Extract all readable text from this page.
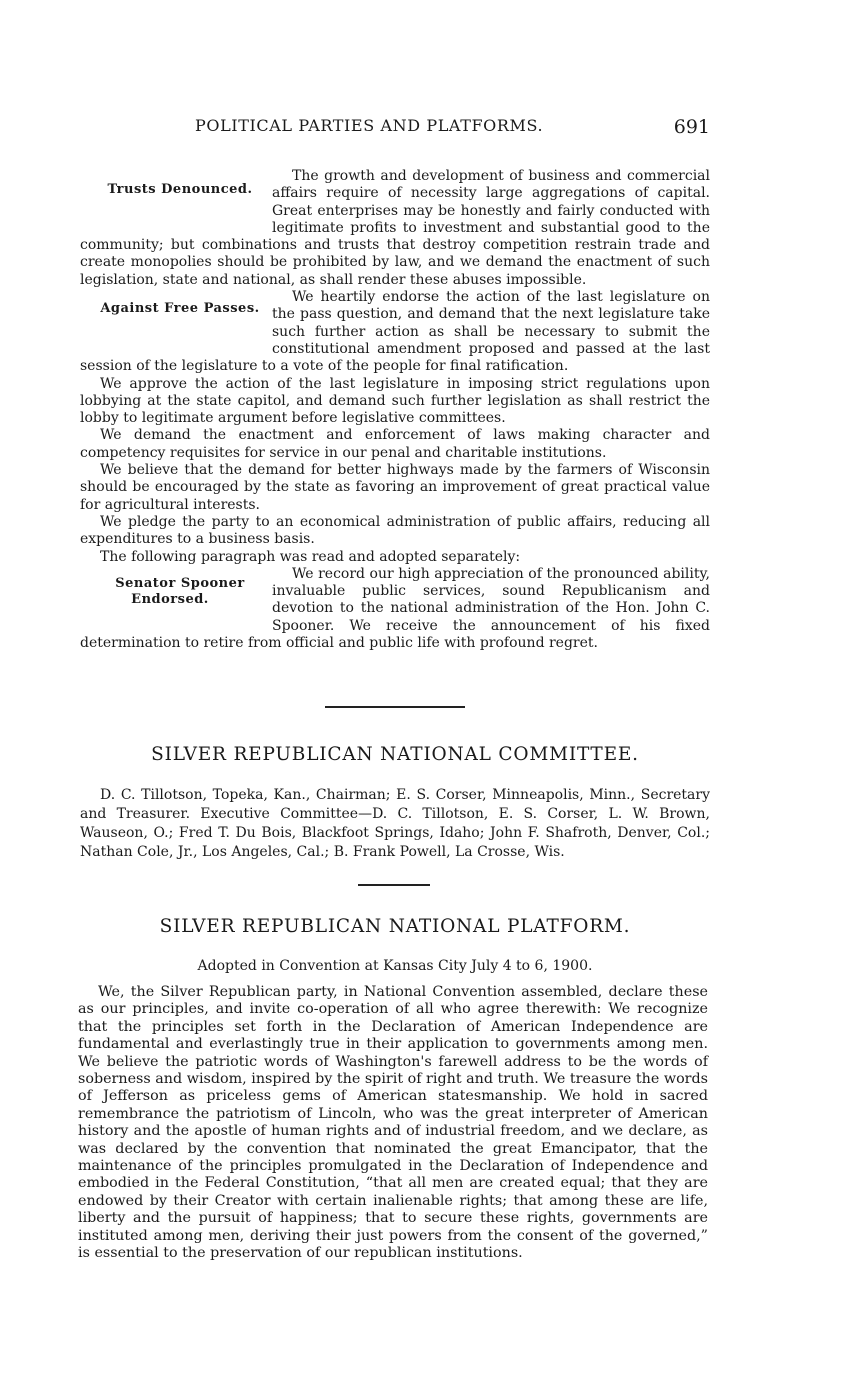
POLITICAL PARTIES AND PLATFORMS.	691

Trusts Denounced.
The growth and development of business and commercial affairs require of necessity large aggregations of capital. Great enterprises may be honestly and fairly conducted with legitimate profits to investment and substantial good to the community; but combinations and trusts that destroy competition restrain trade and create monopolies should be prohibited by law, and we demand the enactment of such legislation, state and national, as shall render these abuses impossible.

Against Free Passes.
We heartily endorse the action of the last legislature on the pass question, and demand that the next legislature take such further action as shall be necessary to submit the constitutional amendment proposed and passed at the last session of the legislature to a vote of the people for final ratification.

We approve the action of the last legislature in imposing strict regulations upon lobbying at the state capitol, and demand such further legislation as shall restrict the lobby to legitimate argument before legislative committees.

We demand the enactment and enforcement of laws making character and competency requisites for service in our penal and charitable institutions.

We believe that the demand for better highways made by the farmers of Wisconsin should be encouraged by the state as favoring an improvement of great practical value for agricultural interests.

We pledge the party to an economical administration of public affairs, reducing all expenditures to a business basis.

The following paragraph was read and adopted separately:

Senator Spooner Endorsed.
We record our high appreciation of the pronounced ability, invaluable public services, sound Republicanism and devotion to the national administration of the Hon. John C. Spooner. We receive the announcement of his fixed determination to retire from official and public life with profound regret.

SILVER REPUBLICAN NATIONAL COMMITTEE.

D. C. Tillotson, Topeka, Kan., Chairman; E. S. Corser, Minneapolis, Minn., Secretary and Treasurer. Executive Committee—D. C. Tillotson, E. S. Corser, L. W. Brown, Wauseon, O.; Fred T. Du Bois, Blackfoot Springs, Idaho; John F. Shafroth, Denver, Col.; Nathan Cole, Jr., Los Angeles, Cal.; B. Frank Powell, La Crosse, Wis.

SILVER REPUBLICAN NATIONAL PLATFORM.

Adopted in Convention at Kansas City July 4 to 6, 1900.

We, the Silver Republican party, in National Convention assembled, declare these as our principles, and invite co-operation of all who agree therewith: We recognize that the principles set forth in the Declaration of American Independence are fundamental and everlastingly true in their application to governments among men. We believe the patriotic words of Washington's farewell address to be the words of soberness and wisdom, inspired by the spirit of right and truth. We treasure the words of Jefferson as priceless gems of American statesmanship. We hold in sacred remembrance the patriotism of Lincoln, who was the great interpreter of American history and the apostle of human rights and of industrial freedom, and we declare, as was declared by the convention that nominated the great Emancipator, that the maintenance of the principles promulgated in the Declaration of Independence and embodied in the Federal Constitution, “that all men are created equal; that they are endowed by their Creator with certain inalienable rights; that among these are life, liberty and the pursuit of happiness; that to secure these rights, governments are instituted among men, deriving their just powers from the consent of the governed,” is essential to the preservation of our republican institutions.
